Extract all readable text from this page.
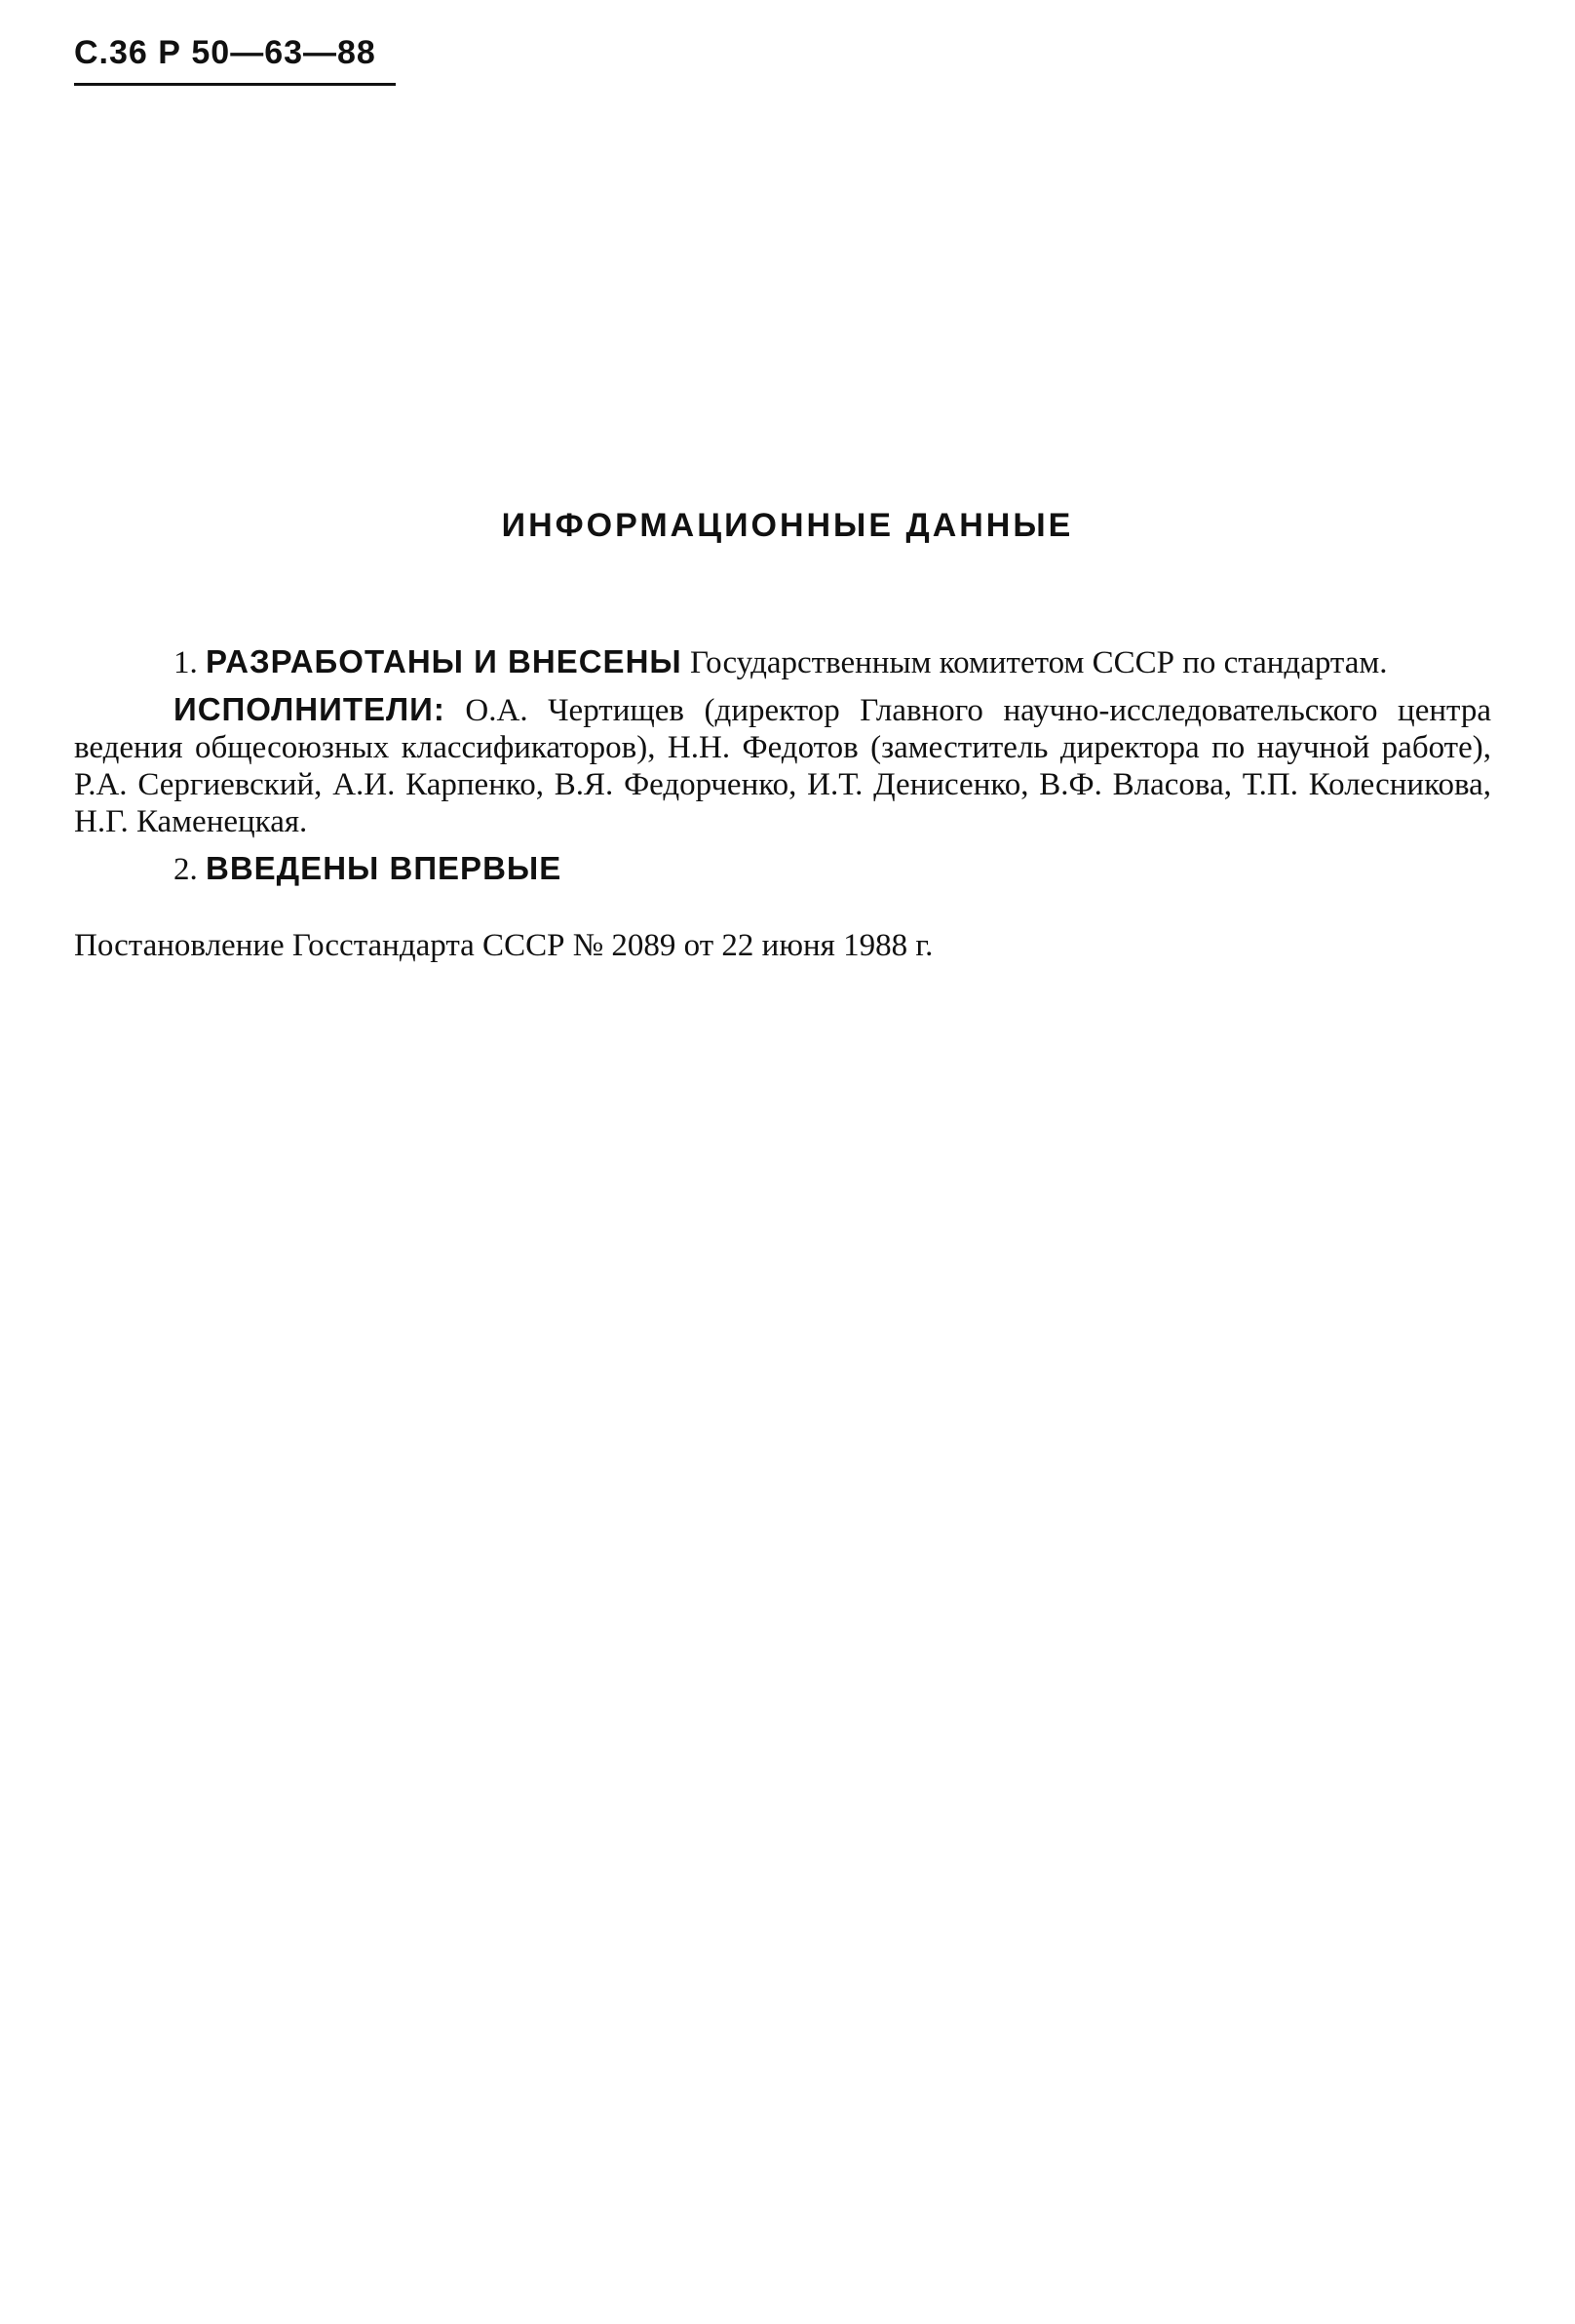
С.36 Р 50—63—88
ИНФОРМАЦИОННЫЕ ДАННЫЕ

1. РАЗРАБОТАНЫ И ВНЕСЕНЫ Государственным комитетом СССР по стандартам.

ИСПОЛНИТЕЛИ: О.А. Чертищев (директор Главного научно-исследовательского центра ведения общесоюзных классификаторов), Н.Н. Федотов (заместитель директора по научной работе), Р.А. Сергиевский, А.И. Карпенко, В.Я. Федорченко, И.Т. Денисенко, В.Ф. Власова, Т.П. Колесникова, Н.Г. Каменецкая.

2. ВВЕДЕНЫ ВПЕРВЫЕ

Постановление Госстандарта СССР № 2089 от 22 июня 1988 г.
